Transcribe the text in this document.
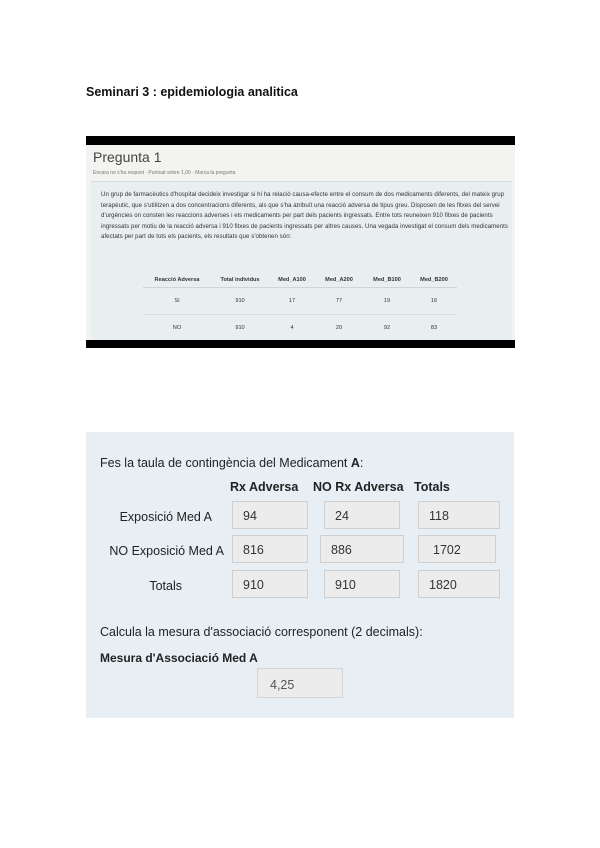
Seminari 3 : epidemiologia analitica
Pregunta 1
Encara no s'ha respost · Puntuat sobre 1,00 · Marca la pregunta
Un grup de farmacèutics d'hospital decideix investigar si hi ha relació causa-efecte entre el consum de dos medicaments diferents, del mateix grup terapèutic, que s'utilitzen a dos concentracions diferents, als que s'ha atribuït una reacció adversa de tipus greu. Disposen de les fitxes del servei d'urgències on consten les reaccions adverses i els medicaments per part dels pacients ingressats. Entre tots reuneixen 910 fitxes de pacients ingressats per motiu de la reacció adversa i 910 fitxes de pacients ingressats per altres causes. Una vegada investigat el consum dels medicaments afectats per part de tots els pacients, els resultats que s'obtenen són:
Reacció Adversa	Total individus	Med_A100	Med_A200	Med_B100	Med_B200
Sí	910	17	77	19	16
NO	910	4	20	92	83
Fes la taula de contingència del Medicament A:
Rx Adversa NO Rx Adversa Totals
Exposició Med A	94	24	118
NO Exposició Med A	816	886	1702
Totals	910	910	1820
Calcula la mesura d'associació corresponent (2 decimals):
Mesura d'Associació Med A
4,25
